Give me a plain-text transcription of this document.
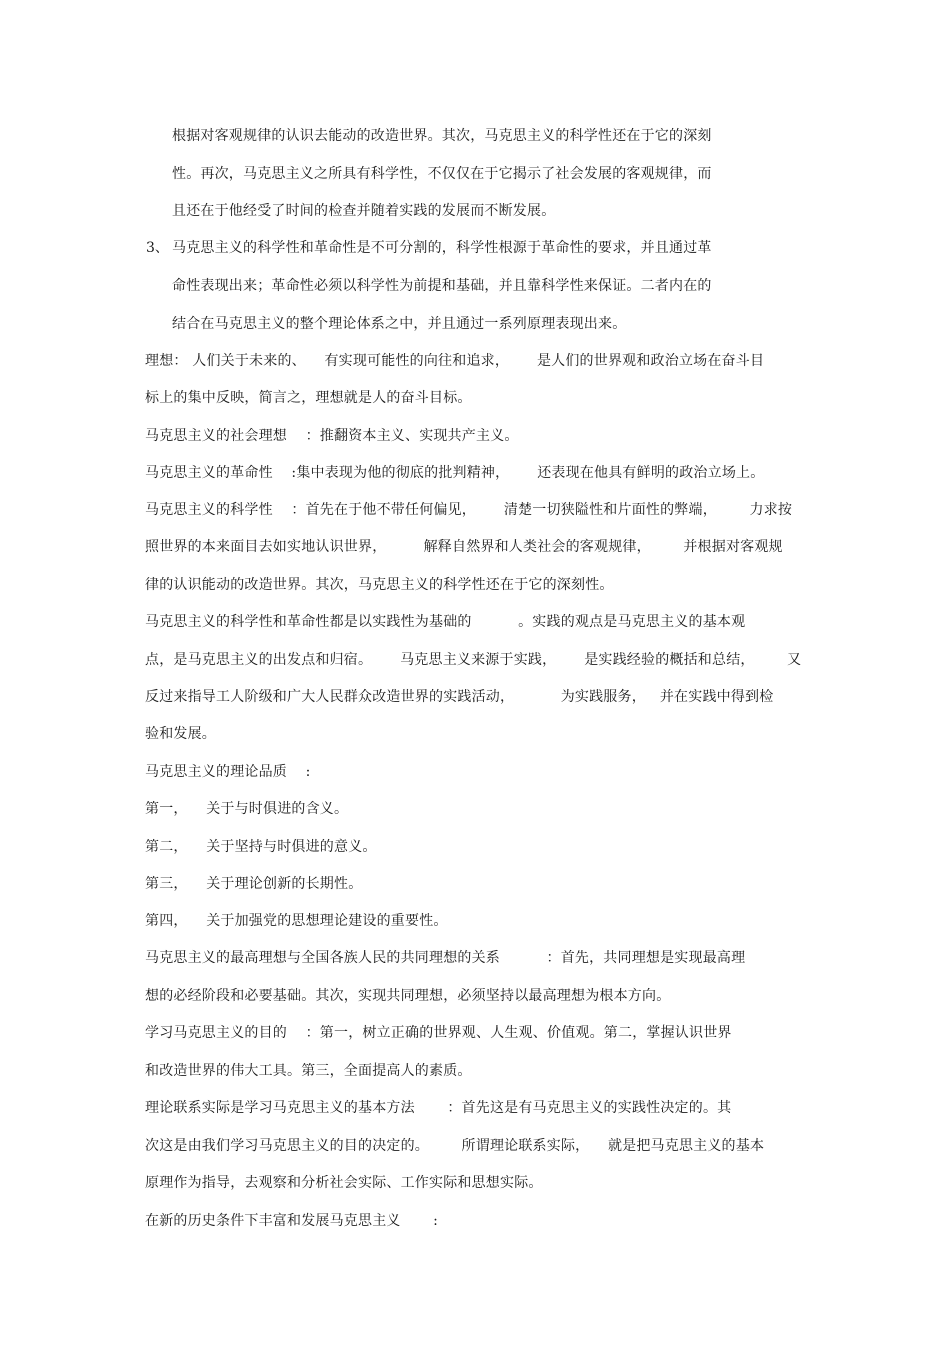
根据对客观规律的认识去能动的改造世界。其次，马克思主义的科学性还在于它的深刻
性。再次，马克思主义之所具有科学性，不仅仅在于它揭示了社会发展的客观规律，而
且还在于他经受了时间的检查并随着实践的发展而不断发展。
3、 马克思主义的科学性和革命性是不可分割的，科学性根源于革命性的要求，并且通过革
命性表现出来；革命性必须以科学性为前提和基础，并且靠科学性来保证。二者内在的
结合在马克思主义的整个理论体系之中，并且通过一系列原理表现出来。
理想： 人们关于未来的、    有实现可能性的向往和追求，      是人们的世界观和政治立场在奋斗目
标上的集中反映，简言之，理想就是人的奋斗目标。
马克思主义的社会理想    ：推翻资本主义、实现共产主义。
马克思主义的革命性    :集中表现为他的彻底的批判精神，      还表现在他具有鲜明的政治立场上。
马克思主义的科学性    ：首先在于他不带任何偏见，      清楚一切狭隘性和片面性的弊端，       力求按
照世界的本来面目去如实地认识世界，        解释自然界和人类社会的客观规律，       并根据对客观规
律的认识能动的改造世界。其次，马克思主义的科学性还在于它的深刻性。
马克思主义的科学性和革命性都是以实践性为基础的          。实践的观点是马克思主义的基本观
点，是马克思主义的出发点和归宿。      马克思主义来源于实践，      是实践经验的概括和总结，       又
反过来指导工人阶级和广大人民群众改造世界的实践活动，          为实践服务，   并在实践中得到检
验和发展。
马克思主义的理论品质    :
第一，    关于与时俱进的含义。
第二，    关于坚持与时俱进的意义。
第三，    关于理论创新的长期性。
第四，    关于加强党的思想理论建设的重要性。
马克思主义的最高理想与全国各族人民的共同理想的关系          ：首先，共同理想是实现最高理
想的必经阶段和必要基础。其次，实现共同理想，必须坚持以最高理想为根本方向。
学习马克思主义的目的    ：第一，树立正确的世界观、人生观、价值观。第二，掌握认识世界
和改造世界的伟大工具。第三，全面提高人的素质。
理论联系实际是学习马克思主义的基本方法       ：首先这是有马克思主义的实践性决定的。其
次这是由我们学习马克思主义的目的决定的。       所谓理论联系实际，    就是把马克思主义的基本
原理作为指导，去观察和分析社会实际、工作实际和思想实际。
在新的历史条件下丰富和发展马克思主义       :
